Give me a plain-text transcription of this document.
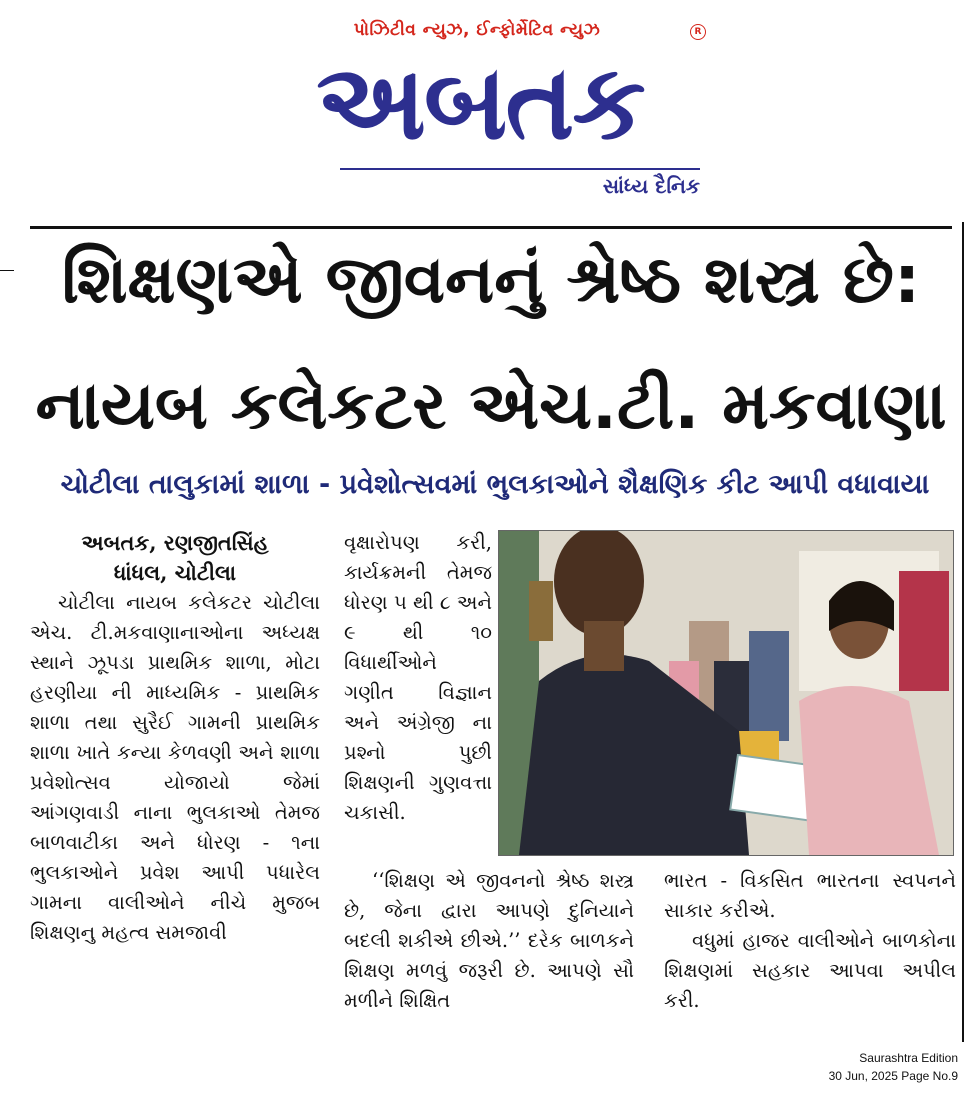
પોઝિટીવ ન્યુઝ, ઈન્ફોર્મેટિવ ન્યુઝ	R
અબતક
સાંધ્ય દૈનિક
શિક્ષણએ જીવનનું શ્રેષ્ઠ શસ્ત્ર છે:
નાયબ કલેકટર એચ.ટી. મકવાણા
ચોટીલા તાલુકામાં શાળા - પ્રવેશોત્સવમાં ભુલકાઓને શૈક્ષણિક કીટ આપી વધાવાયા

અબતક, રણજીતસિંહ

ધાંધલ, ચોટીલા

ચોટીલા નાયબ કલેકટર ચોટીલા એચ. ટી.મકવાણાનાઓના અધ્યક્ષ સ્થાને ઝૂપડા પ્રાથમિક શાળા, મોટા હરણીયા ની માધ્યમિક - પ્રાથમિક શાળા તથા સુરૈઈ ગામની પ્રાથમિક શાળા ખાતે કન્યા કેળવણી અને શાળા પ્રવેશોત્સવ યોજાયો જેમાં આંગણવાડી નાના ભુલકાઓ તેમજ બાળવાટીકા અને ધોરણ - ૧ના ભુલકાઓને પ્રવેશ આપી પધારેલ ગામના વાલીઓને નીચે મુજબ શિક્ષણનુ મહત્વ સમજાવી

વૃક્ષારોપણ કરી, કાર્યક્રમની તેમજ ધોરણ ૫ થી ૮ અને ૯ થી ૧૦ વિધાર્થીઓને ગણીત વિજ્ઞાન અને અંગ્રેજી ના પ્રશ્નો પુછી શિક્ષણની ગુણવત્તા ચકાસી.

‘‘શિક્ષણ એ જીવનનો શ્રેષ્ઠ શસ્ત્ર છે, જેના દ્વારા આપણે દુનિયાને બદલી શકીએ છીએ.’’ દરેક બાળકને શિક્ષણ મળવું જરૂરી છે. આપણે સૌ મળીને શિક્ષિત

ભારત - વિકસિત ભારતના સ્વપનને સાકાર કરીએ.

વધુમાં હાજર વાલીઓને બાળકોના શિક્ષણમાં સહકાર આપવા અપીલ કરી.

Saurashtra Edition
30 Jun, 2025 Page No.9
